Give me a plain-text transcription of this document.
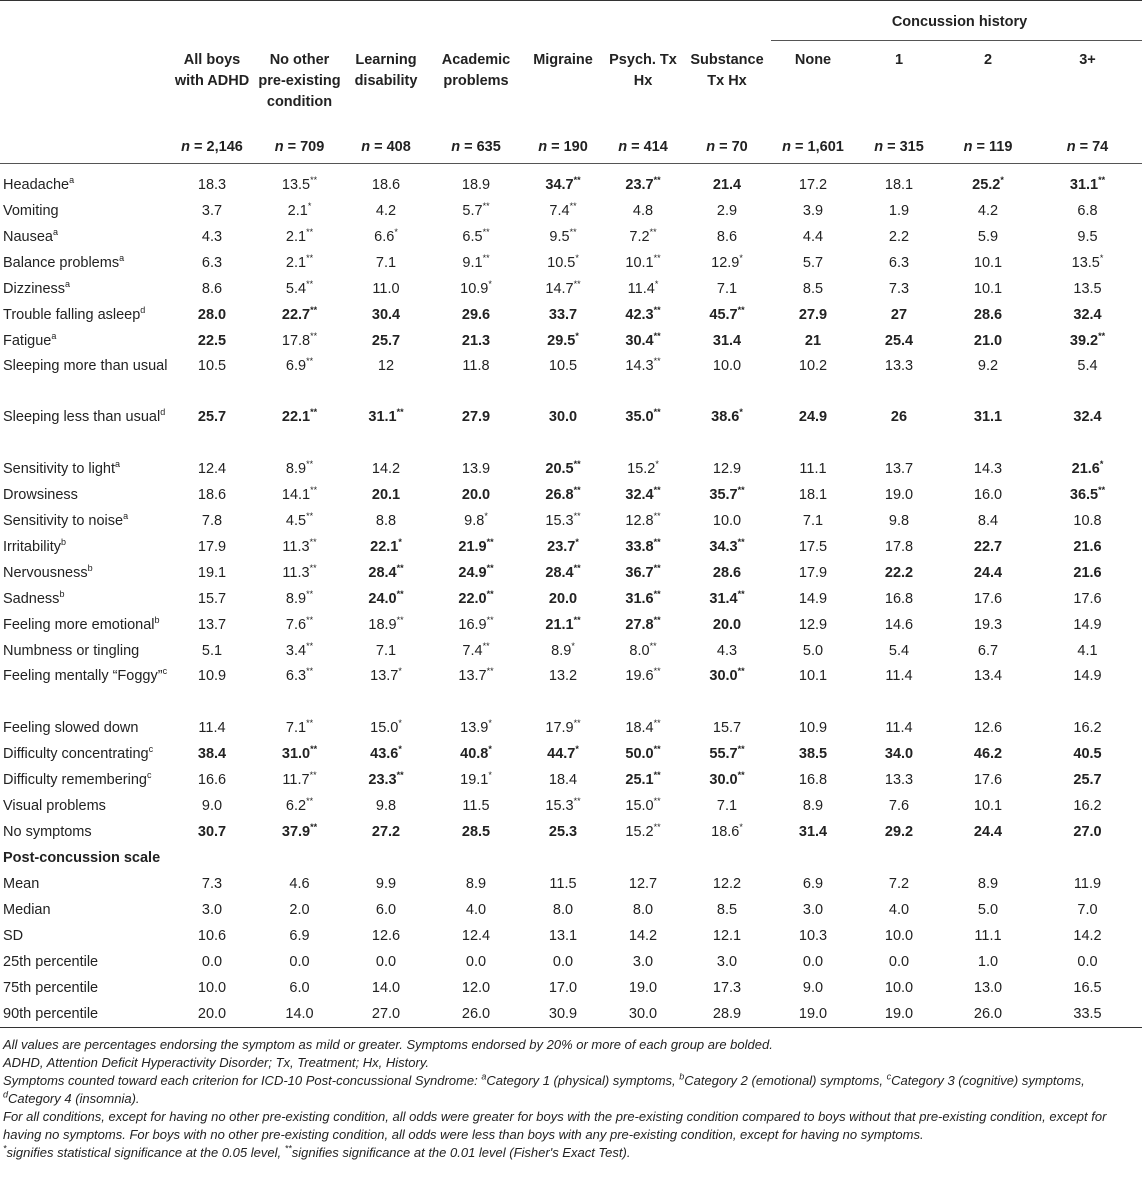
								Concussion history			
	All boys with ADHD	No other pre-existing condition	Learning disability	Academic problems	Migraine	Psych. Tx Hx	Substance Tx Hx	None	1	2	3+
	n = 2,146	n = 709	n = 408	n = 635	n = 190	n = 414	n = 70	n = 1,601	n = 315	n = 119	n = 74

Headache$^a$	18.3	13.5**	18.6	18.9	34.7**	23.7**	21.4	17.2	18.1	25.2*	31.1**
Vomiting	3.7	2.1*	4.2	5.7**	7.4**	4.8	2.9	3.9	1.9	4.2	6.8
Nausea$^a$	4.3	2.1**	6.6*	6.5**	9.5**	7.2**	8.6	4.4	2.2	5.9	9.5
Balance problems$^a$	6.3	2.1**	7.1	9.1**	10.5*	10.1**	12.9*	5.7	6.3	10.1	13.5*
Dizziness$^a$	8.6	5.4**	11.0	10.9*	14.7**	11.4*	7.1	8.5	7.3	10.1	13.5
Trouble falling asleep$^d$	28.0	22.7**	30.4	29.6	33.7	42.3**	45.7**	27.9	27	28.6	32.4
Fatigue$^a$	22.5	17.8**	25.7	21.3	29.5*	30.4**	31.4	21	25.4	21.0	39.2**
Sleeping more than usual	10.5	6.9**	12	11.8	10.5	14.3**	10.0	10.2	13.3	9.2	5.4
Sleeping less than usual$^d$	25.7	22.1**	31.1**	27.9	30.0	35.0**	38.6*	24.9	26	31.1	32.4
Sensitivity to light$^a$	12.4	8.9**	14.2	13.9	20.5**	15.2*	12.9	11.1	13.7	14.3	21.6*
Drowsiness	18.6	14.1**	20.1	20.0	26.8**	32.4**	35.7**	18.1	19.0	16.0	36.5**
Sensitivity to noise$^a$	7.8	4.5**	8.8	9.8*	15.3**	12.8**	10.0	7.1	9.8	8.4	10.8
Irritability$^b$	17.9	11.3**	22.1*	21.9**	23.7*	33.8**	34.3**	17.5	17.8	22.7	21.6
Nervousness$^b$	19.1	11.3**	28.4**	24.9**	28.4**	36.7**	28.6	17.9	22.2	24.4	21.6
Sadness$^b$	15.7	8.9**	24.0**	22.0**	20.0	31.6**	31.4**	14.9	16.8	17.6	17.6
Feeling more emotional$^b$	13.7	7.6**	18.9**	16.9**	21.1**	27.8**	20.0	12.9	14.6	19.3	14.9
Numbness or tingling	5.1	3.4**	7.1	7.4**	8.9*	8.0**	4.3	5.0	5.4	6.7	4.1
Feeling mentally “Foggy”$^c$	10.9	6.3**	13.7*	13.7**	13.2	19.6**	30.0**	10.1	11.4	13.4	14.9
Feeling slowed down	11.4	7.1**	15.0*	13.9*	17.9**	18.4**	15.7	10.9	11.4	12.6	16.2
Difficulty concentrating$^c$	38.4	31.0**	43.6*	40.8*	44.7*	50.0**	55.7**	38.5	34.0	46.2	40.5
Difficulty remembering$^c$	16.6	11.7**	23.3**	19.1*	18.4	25.1**	30.0**	16.8	13.3	17.6	25.7
Visual problems	9.0	6.2**	9.8	11.5	15.3**	15.0**	7.1	8.9	7.6	10.1	16.2
No symptoms	30.7	37.9**	27.2	28.5	25.3	15.2**	18.6*	31.4	29.2	24.4	27.0
Post-concussion scale											
Mean	7.3	4.6	9.9	8.9	11.5	12.7	12.2	6.9	7.2	8.9	11.9
Median	3.0	2.0	6.0	4.0	8.0	8.0	8.5	3.0	4.0	5.0	7.0
SD	10.6	6.9	12.6	12.4	13.1	14.2	12.1	10.3	10.0	11.1	14.2
25th percentile	0.0	0.0	0.0	0.0	0.0	3.0	3.0	0.0	0.0	1.0	0.0
75th percentile	10.0	6.0	14.0	12.0	17.0	19.0	17.3	9.0	10.0	13.0	16.5
90th percentile	20.0	14.0	27.0	26.0	30.9	30.0	28.9	19.0	19.0	26.0	33.5

All values are percentages endorsing the symptom as mild or greater. Symptoms endorsed by 20% or more of each group are bolded.

ADHD, Attention Deficit Hyperactivity Disorder; Tx, Treatment; Hx, History.

Symptoms counted toward each criterion for ICD-10 Post-concussional Syndrome: $^a$Category 1 (physical) symptoms, $^b$Category 2 (emotional) symptoms, $^c$Category 3 (cognitive) symptoms, $^d$Category 4 (insomnia).

For all conditions, except for having no other pre-existing condition, all odds were greater for boys with the pre-existing condition compared to boys without that pre-existing condition, except for having no symptoms. For boys with no other pre-existing condition, all odds were less than boys with any pre-existing condition, except for having no symptoms.

*signifies statistical significance at the 0.05 level, **signifies significance at the 0.01 level (Fisher's Exact Test).
